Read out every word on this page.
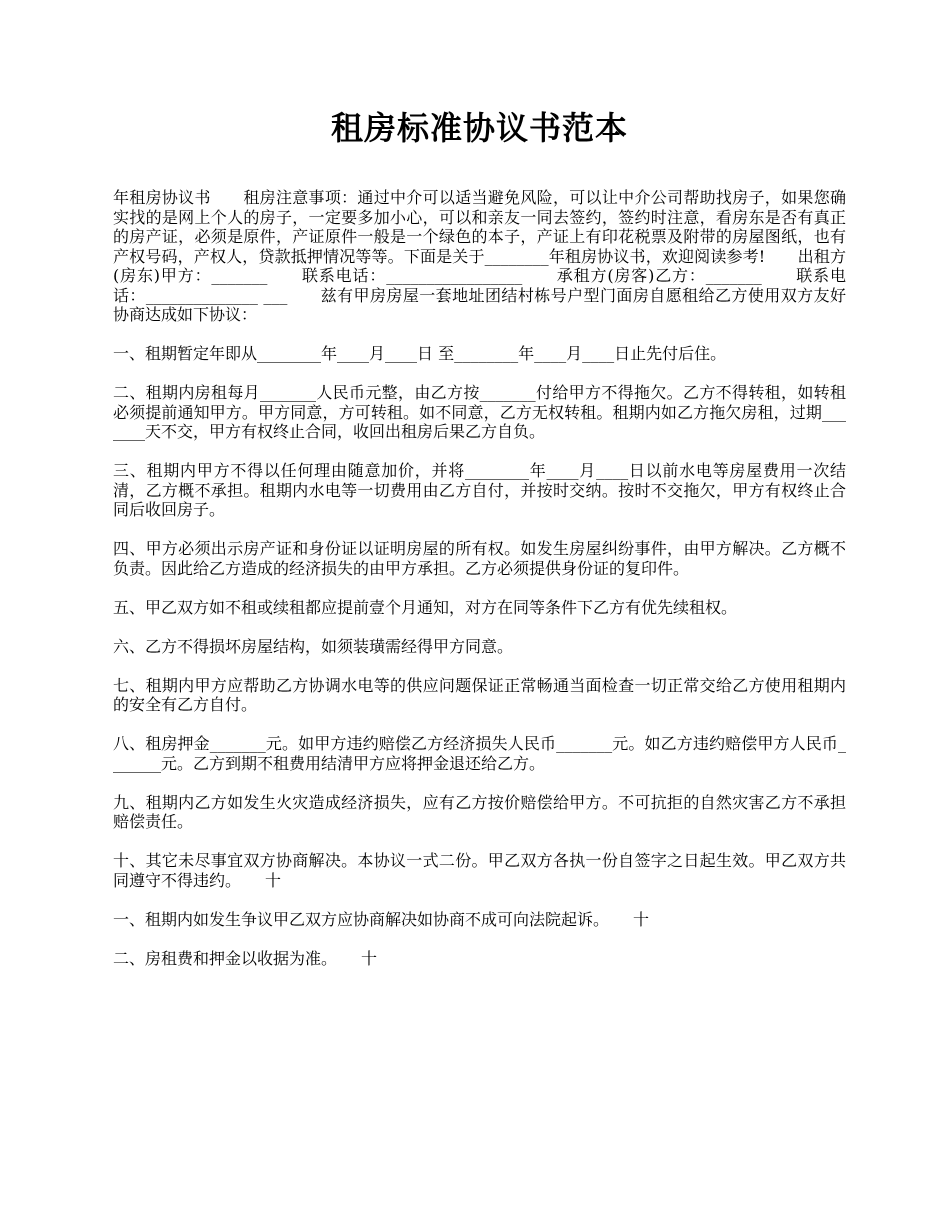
租房标准协议书范本

年租房协议书　　租房注意事项：通过中介可以适当避免风险，可以让中介公司帮助找房子，如果您确实找的是网上个人的房子，一定要多加小心，可以和亲友一同去签约，签约时注意，看房东是否有真正的房产证，必须是原件，产证原件一般是一个绿色的本子，产证上有印花税票及附带的房屋图纸，也有产权号码，产权人，贷款抵押情况等等。下面是关于________年租房协议书，欢迎阅读参考!　　出租方(房东)甲方：_______　　联系电话：_________________　　承租方(房客)乙方：_______　　联系电话：______________ ___　　兹有甲房房屋一套地址团结村栋号户型门面房自愿租给乙方使用双方友好协商达成如下协议：

一、租期暂定年即从________年____月____日 至________年____月____日止先付后住。

二、租期内房租每月_______人民币元整，由乙方按_______付给甲方不得拖欠。乙方不得转租，如转租必须提前通知甲方。甲方同意，方可转租。如不同意，乙方无权转租。租期内如乙方拖欠房租，过期_______天不交，甲方有权终止合同，收回出租房后果乙方自负。

三、租期内甲方不得以任何理由随意加价，并将________年____月____日以前水电等房屋费用一次结清，乙方概不承担。租期内水电等一切费用由乙方自付，并按时交纳。按时不交拖欠，甲方有权终止合同后收回房子。

四、甲方必须出示房产证和身份证以证明房屋的所有权。如发生房屋纠纷事件，由甲方解决。乙方概不负责。因此给乙方造成的经济损失的由甲方承担。乙方必须提供身份证的复印件。

五、甲乙双方如不租或续租都应提前壹个月通知，对方在同等条件下乙方有优先续租权。

六、乙方不得损坏房屋结构，如须装璜需经得甲方同意。

七、租期内甲方应帮助乙方协调水电等的供应问题保证正常畅通当面检查一切正常交给乙方使用租期内的安全有乙方自付。

八、租房押金_______元。如甲方违约赔偿乙方经济损失人民币_______元。如乙方违约赔偿甲方人民币_______元。乙方到期不租费用结清甲方应将押金退还给乙方。

九、租期内乙方如发生火灾造成经济损失，应有乙方按价赔偿给甲方。不可抗拒的自然灾害乙方不承担赔偿责任。

十、其它未尽事宜双方协商解决。本协议一式二份。甲乙双方各执一份自签字之日起生效。甲乙双方共同遵守不得违约。　　十

一、租期内如发生争议甲乙双方应协商解决如协商不成可向法院起诉。　　十

二、房租费和押金以收据为准。　　十
